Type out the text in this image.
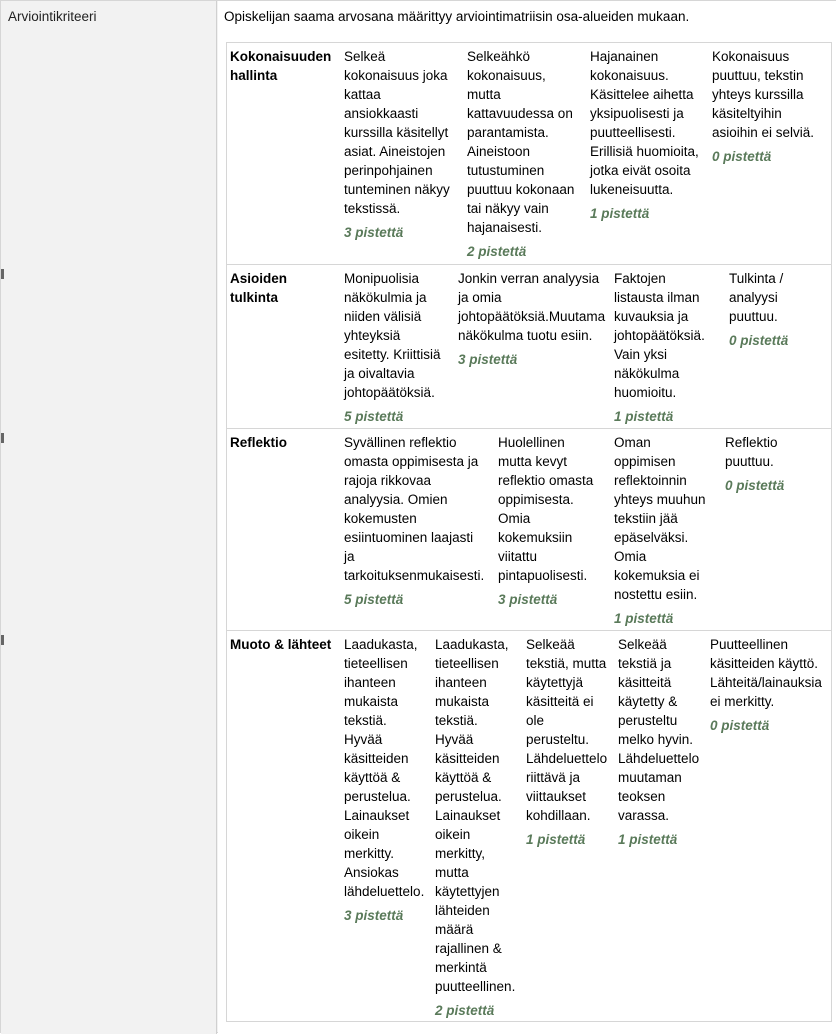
Arviointikriteeri	Opiskelijan saama arvosana määrittyy arviointimatriisin osa-alueiden mukaan.
Kokonaisuuden
hallinta
Selkeä
kokonaisuus joka
kattaa
ansiokkaasti
kurssilla käsitellyt
asiat. Aineistojen
perinpohjainen
tunteminen näkyy
tekstissä.
3 pistettä
Selkeähkö
kokonaisuus,
mutta
kattavuudessa on
parantamista.
Aineistoon
tutustuminen
puuttuu kokonaan
tai näkyy vain
hajanaisesti.
2 pistettä
Hajanainen
kokonaisuus.
Käsittelee aihetta
yksipuolisesti ja
puutteellisesti.
Erillisiä huomioita,
jotka eivät osoita
lukeneisuutta.
1 pistettä
Kokonaisuus
puuttuu, tekstin
yhteys kurssilla
käsiteltyihin
asioihin ei selviä.
0 pistettä
Asioiden
tulkinta
Monipuolisia
näkökulmia ja
niiden välisiä
yhteyksiä
esitetty. Kriittisiä
ja oivaltavia
johtopäätöksiä.
5 pistettä
Jonkin verran analyysia
ja omia
johtopäätöksiä.Muutama
näkökulma tuotu esiin.
3 pistettä
Faktojen
listausta ilman
kuvauksia ja
johtopäätöksiä.
Vain yksi
näkökulma
huomioitu.
1 pistettä
Tulkinta /
analyysi
puuttuu.
0 pistettä
Reflektio	Syvällinen reflektio
omasta oppimisesta ja
rajoja rikkovaa
analyysia. Omien
kokemusten
esiintuominen laajasti
ja
tarkoituksenmukaisesti.
5 pistettä
Huolellinen
mutta kevyt
reflektio omasta
oppimisesta.
Omia
kokemuksiin
viitattu
pintapuolisesti.
3 pistettä
Oman
oppimisen
reflektoinnin
yhteys muuhun
tekstiin jää
epäselväksi.
Omia
kokemuksia ei
nostettu esiin.
1 pistettä
Reflektio
puuttuu.
0 pistettä
Muoto & lähteet Laadukasta,
tieteellisen
ihanteen
mukaista
tekstiä.
Hyvää
käsitteiden
käyttöä &
perustelua.
Lainaukset
oikein
merkitty.
Ansiokas
lähdeluettelo.
3 pistettä
Laadukasta,
tieteellisen
ihanteen
mukaista
tekstiä.
Hyvää
käsitteiden
käyttöä &
perustelua.
Lainaukset
oikein
merkitty,
mutta
käytettyjen
lähteiden
määrä
rajallinen &
merkintä
puutteellinen.
2 pistettä
Selkeää
tekstiä, mutta
käytettyjä
käsitteitä ei
ole
perusteltu.
Lähdeluettelo
riittävä ja
viittaukset
kohdillaan.
1 pistettä
Selkeää
tekstiä ja
käsitteitä
käytetty &
perusteltu
melko hyvin.
Lähdeluettelo
muutaman
teoksen
varassa.
1 pistettä
Puutteellinen
käsitteiden käyttö.
Lähteitä/lainauksia
ei merkitty.
0 pistettä
